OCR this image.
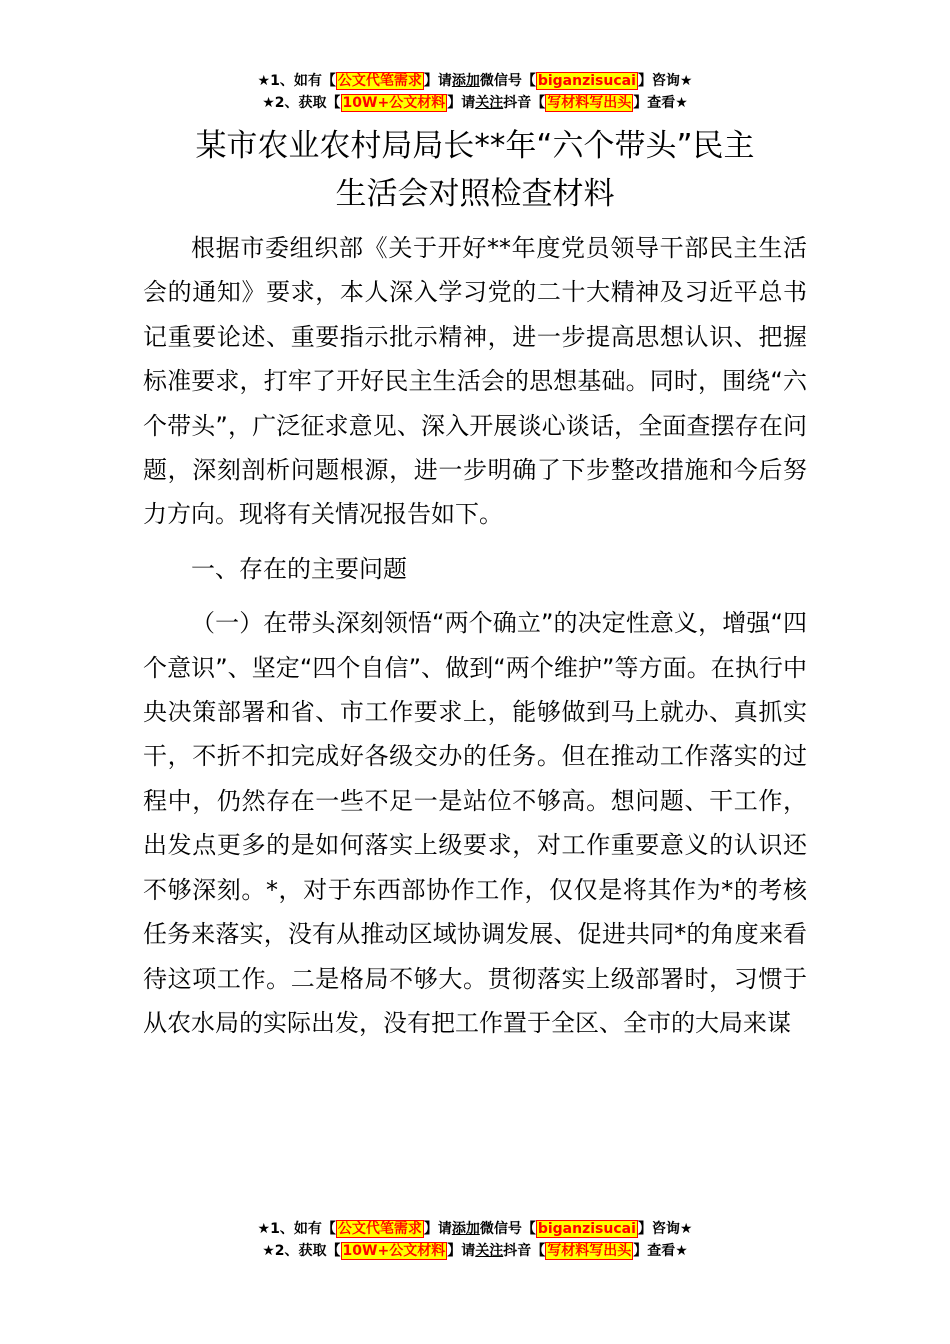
★1、如有【 公文代笔需求 】请添加微信号【 biganzisucai 】咨询★
★2、获取【 10W+公文材料 】请关注抖音【 写材料写出头 】查看★
某市农业农村局局长**年“六个带头”民主
生活会对照检查材料

根据市委组织部《关于开好**年度党员领导干部民主生活会的通知》要求，本人深入学习党的二十大精神及习近平总书记重要论述、重要指示批示精神，进一步提高思想认识、把握标准要求，打牢了开好民主生活会的思想基础。同时，围绕“六个带头”，广泛征求意见、深入开展谈心谈话，全面查摆存在问题，深刻剖析问题根源，进一步明确了下步整改措施和今后努力方向。现将有关情况报告如下。

一、存在的主要问题

（一）在带头深刻领悟“两个确立”的决定性意义，增强“四个意识”、坚定“四个自信”、做到“两个维护”等方面。在执行中央决策部署和省、市工作要求上，能够做到马上就办、真抓实干，不折不扣完成好各级交办的任务。但在推动工作落实的过程中，仍然存在一些不足一是站位不够高。想问题、干工作，出发点更多的是如何落实上级要求，对工作重要意义的认识还不够深刻。*，对于东西部协作工作，仅仅是将其作为*的考核任务来落实，没有从推动区域协调发展、促进共同*的角度来看待这项工作。二是格局不够大。贯彻落实上级部署时，习惯于从农水局的实际出发，没有把工作置于全区、全市的大局来谋

★1、如有【 公文代笔需求 】请添加微信号【 biganzisucai 】咨询★
★2、获取【 10W+公文材料 】请关注抖音【 写材料写出头 】查看★
